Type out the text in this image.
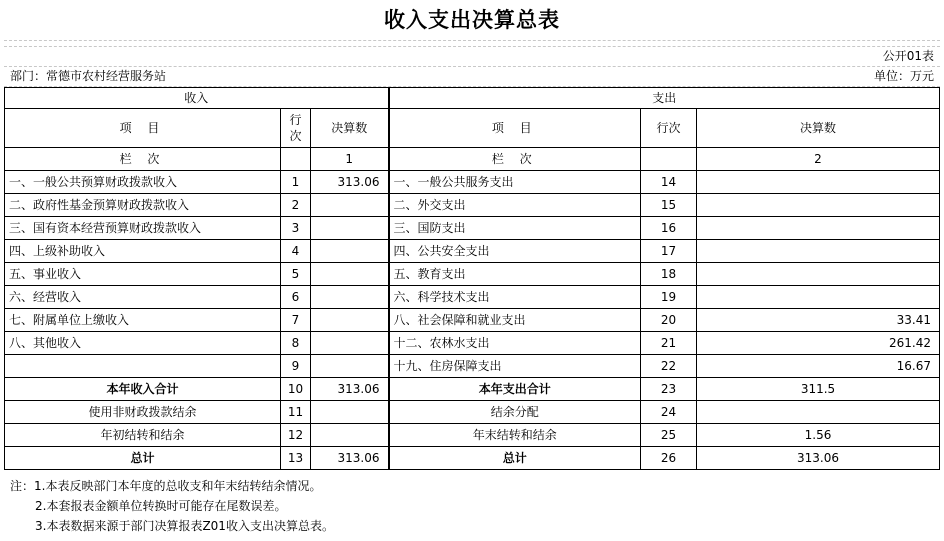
收入支出决算总表
公开01表
部门：常德市农村经营服务站	单位：万元
收入			支出		
项 目	行次	决算数	项 目	行次	决算数
栏 次		1	栏 次		2
一、一般公共预算财政拨款收入	1	313.06	一、一般公共服务支出	14	
二、政府性基金预算财政拨款收入	2		二、外交支出	15	
三、国有资本经营预算财政拨款收入	3		三、国防支出	16	
四、上级补助收入	4		四、公共安全支出	17	
五、事业收入	5		五、教育支出	18	
六、经营收入	6		六、科学技术支出	19	
七、附属单位上缴收入	7		八、社会保障和就业支出	20	33.41
八、其他收入	8		十二、农林水支出	21	261.42
	9		十九、住房保障支出	22	16.67
本年收入合计	10	313.06	本年支出合计	23	311.5
使用非财政拨款结余	11		结余分配	24	
年初结转和结余	12		年末结转和结余	25	1.56
总计	13	313.06	总计	26	313.06
注：1.本表反映部门本年度的总收支和年末结转结余情况。
2.本套报表金额单位转换时可能存在尾数误差。
3.本表数据来源于部门决算报表Z01收入支出决算总表。
